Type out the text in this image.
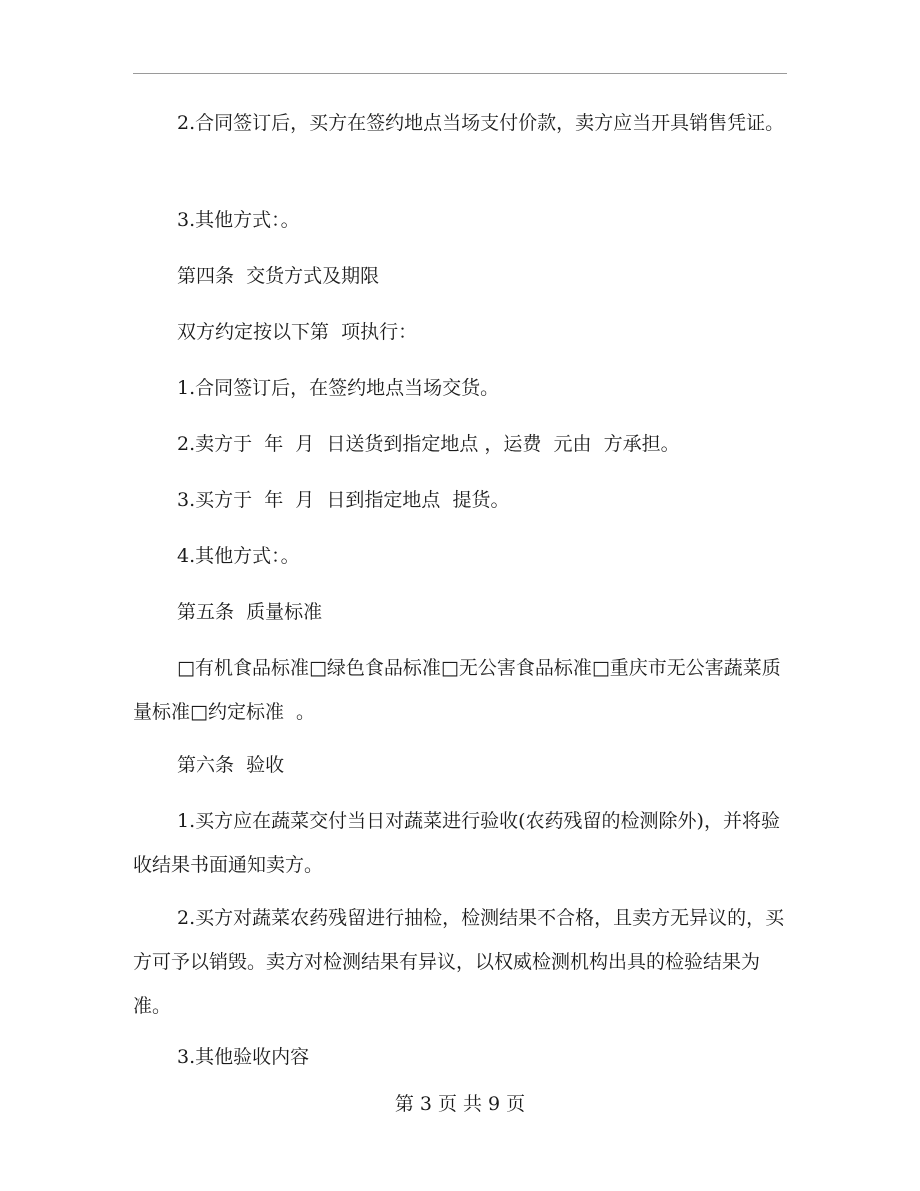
2.合同签订后，买方在签约地点当场支付价款，卖方应当开具销售凭证。

3.其他方式：。

第四条  交货方式及期限

双方约定按以下第  项执行：

1.合同签订后，在签约地点当场交货。

2.卖方于  年  月  日送货到指定地点 ，运费  元由  方承担。

3.买方于  年  月  日到指定地点  提货。

4.其他方式：。

第五条  质量标准

□有机食品标准□绿色食品标准□无公害食品标准□重庆市无公害蔬菜质量标准□约定标准  。

第六条  验收

1.买方应在蔬菜交付当日对蔬菜进行验收(农药残留的检测除外)，并将验收结果书面通知卖方。

2.买方对蔬菜农药残留进行抽检，检测结果不合格，且卖方无异议的，买方可予以销毁。卖方对检测结果有异议，以权威检测机构出具的检验结果为准。

3.其他验收内容

第 3 页 共 9 页
